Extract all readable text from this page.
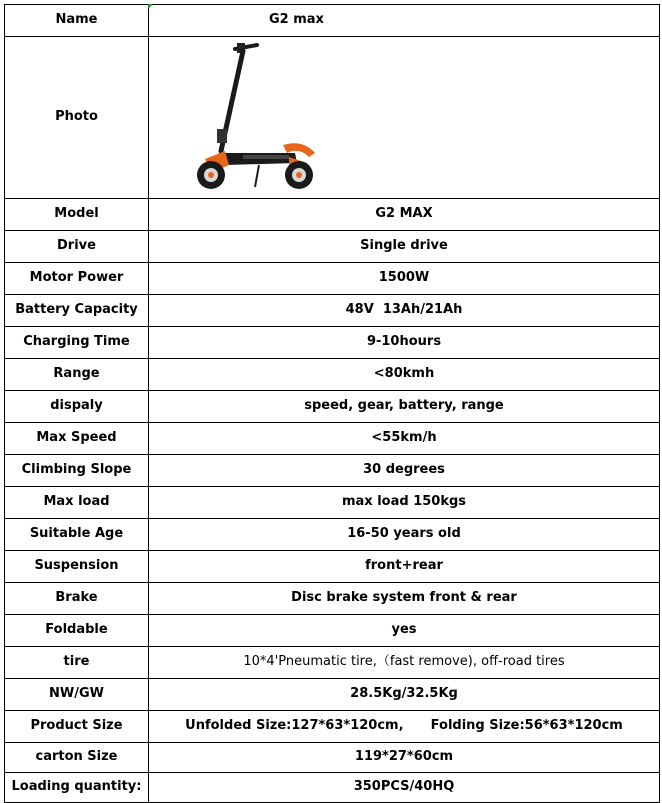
Name	G2 max
Photo	

Model	G2 MAX
Drive	Single drive
Motor Power	1500W
Battery Capacity	48V  13Ah/21Ah
Charging Time	9-10hours
Range	<80kmh
dispaly	speed, gear, battery, range
Max Speed	<55km/h
Climbing Slope	30 degrees
Max load	max load 150kgs
Suitable Age	16-50 years old
Suspension	front+rear
Brake	Disc brake system front & rear
Foldable	yes
tire	10*4'Pneumatic tire,（fast remove), off-road tires
NW/GW	28.5Kg/32.5Kg
Product Size	Unfolded Size:127*63*120cm,      Folding Size:56*63*120cm
carton Size	119*27*60cm
Loading quantity:	350PCS/40HQ
